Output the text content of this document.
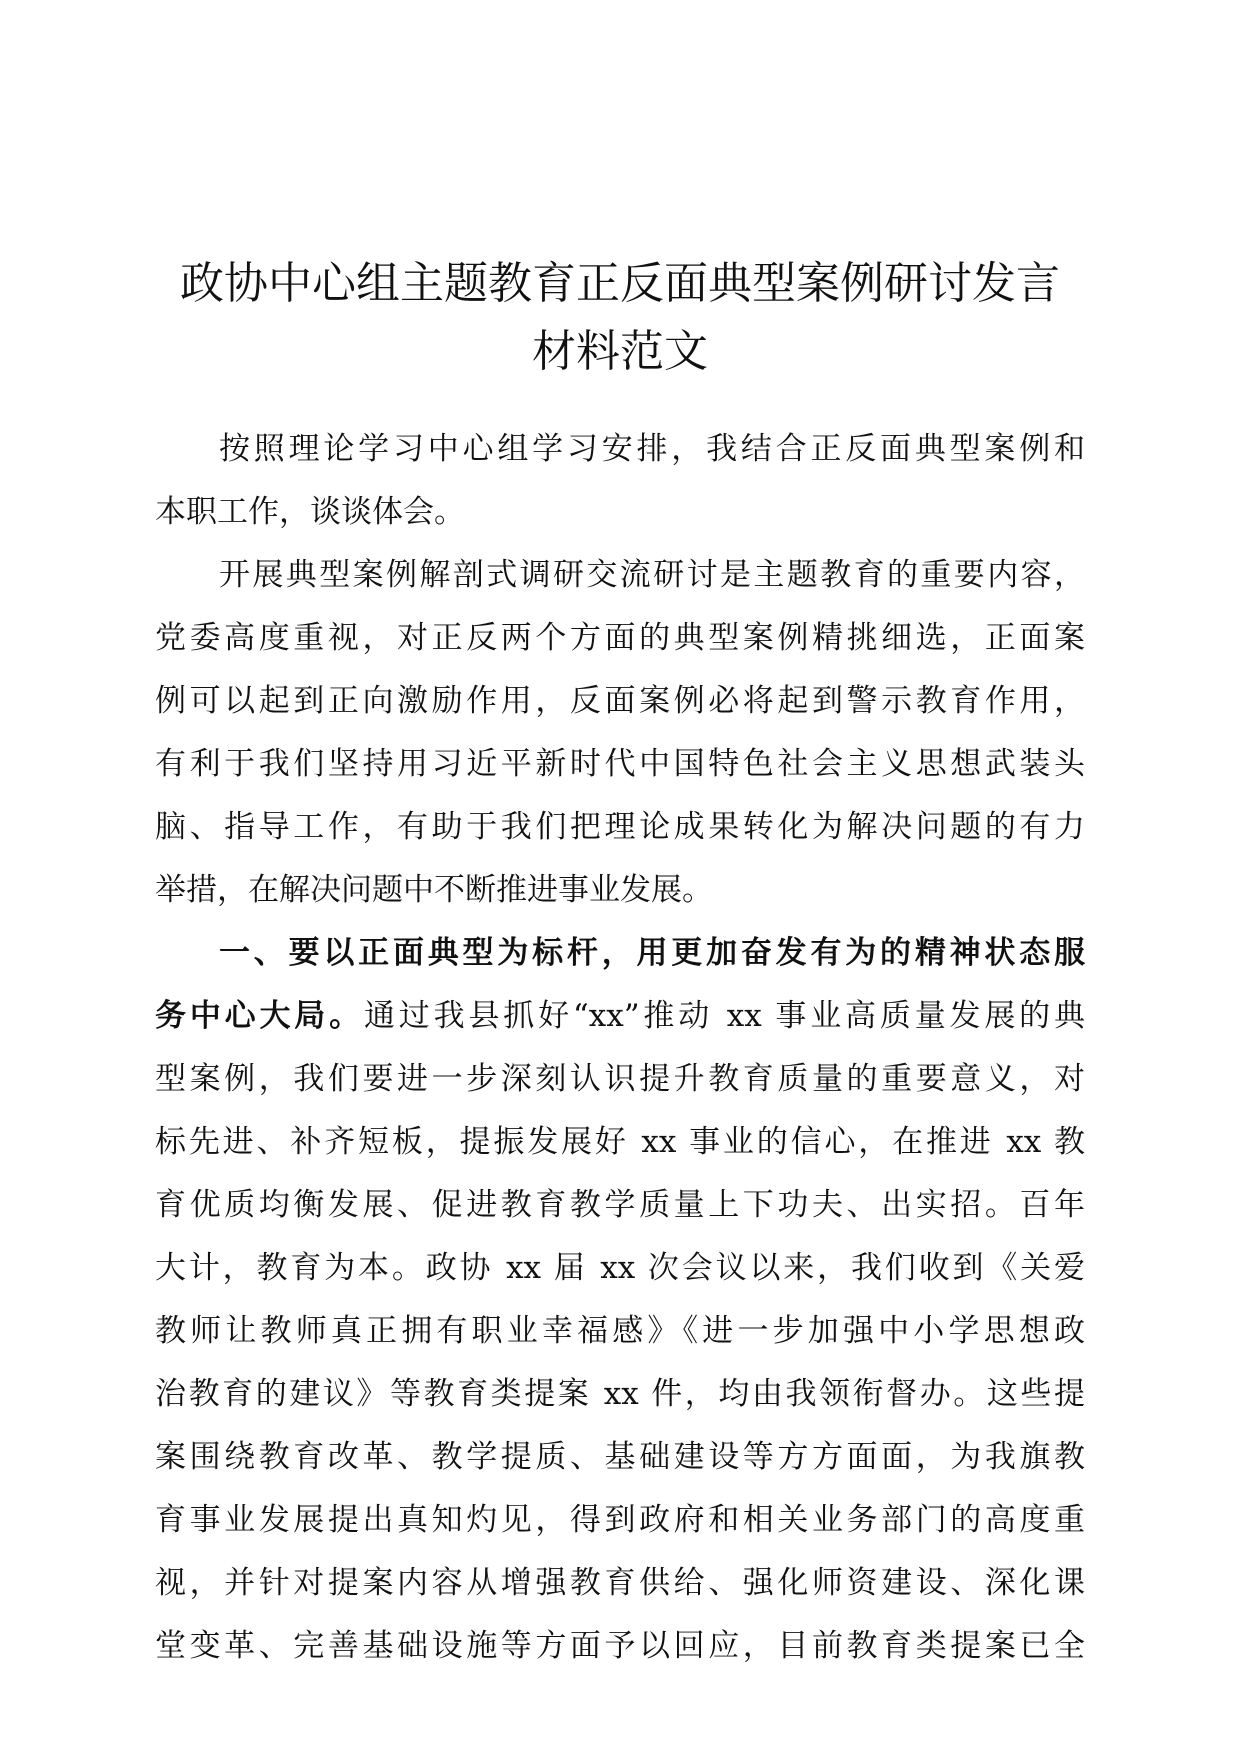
政协中心组主题教育正反面典型案例研讨发言
材料范文
按照理论学习中心组学习安排，我结合正反面典型案例和
本职工作，谈谈体会。
开展典型案例解剖式调研交流研讨是主题教育的重要内容，
党委高度重视，对正反两个方面的典型案例精挑细选，正面案
例可以起到正向激励作用，反面案例必将起到警示教育作用，
有利于我们坚持用习近平新时代中国特色社会主义思想武装头
脑、指导工作，有助于我们把理论成果转化为解决问题的有力
举措，在解决问题中不断推进事业发展。
一、要以正面典型为标杆，用更加奋发有为的精神状态服
务中心大局。通过我县抓好“xx”推动 xx 事业高质量发展的典
型案例，我们要进一步深刻认识提升教育质量的重要意义，对
标先进、补齐短板，提振发展好 xx 事业的信心，在推进 xx 教
育优质均衡发展、促进教育教学质量上下功夫、出实招。百年
大计，教育为本。政协 xx 届 xx 次会议以来，我们收到《关爱
教师让教师真正拥有职业幸福感》《进一步加强中小学思想政
治教育的建议》等教育类提案 xx 件，均由我领衔督办。这些提
案围绕教育改革、教学提质、基础建设等方方面面，为我旗教
育事业发展提出真知灼见，得到政府和相关业务部门的高度重
视，并针对提案内容从增强教育供给、强化师资建设、深化课
堂变革、完善基础设施等方面予以回应，目前教育类提案已全
